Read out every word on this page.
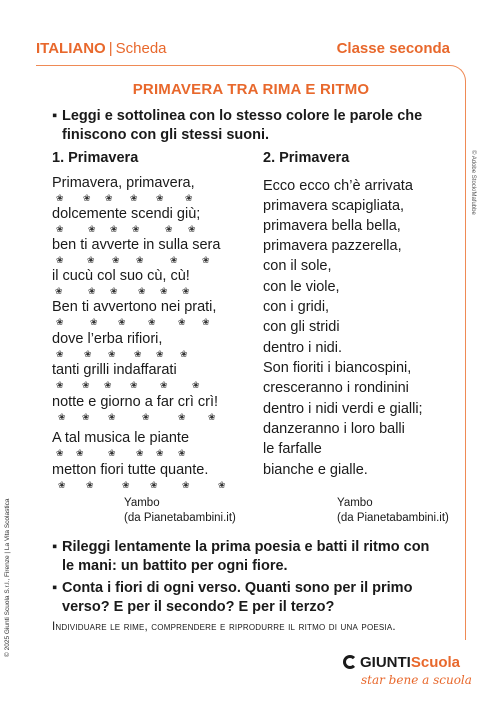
ITALIANO | Scheda	Classe seconda
PRIMAVERA TRA RIMA E RITMO
▪ Leggi e sottolinea con lo stesso colore le parole che finiscono con gli stessi suoni.
1. Primavera
Primavera, primavera,
❀ ❀ ❀ ❀ ❀ ❀
dolcemente scendi giù;
❀	❀ ❀ ❀	❀ ❀
ben ti avverte in sulla sera
❀	❀ ❀ ❀	❀	❀
il cucù col suo cù, cù!
❀	❀ ❀ ❀ ❀ ❀
Ben ti avvertono nei prati,
❀	❀ ❀ ❀ ❀ ❀
dove l’erba rifiori,
❀ ❀ ❀ ❀ ❀ ❀
tanti grilli indaffarati
❀ ❀ ❀ ❀ ❀	❀
notte e giorno a far crì crì!
❀ ❀ ❀	❀	❀ ❀
A tal musica le piante
❀ ❀	❀ ❀ ❀ ❀
metton fiori tutte quante.
❀ ❀	❀ ❀	❀	❀
Yambo
(da Pianetabambini.it)
2. Primavera
Ecco ecco ch’è arrivata
primavera scapigliata,
primavera bella bella,
primavera pazzerella,
con il sole,
con le viole,
con i gridi,
con gli stridi
dentro i nidi.
Son fioriti i biancospini,
cresceranno i rondinini
dentro i nidi verdi e gialli;
danzeranno i loro balli
le farfalle
bianche e gialle.
Yambo
(da Pianetabambini.it)
▪ Rileggi lentamente la prima poesia e batti il ritmo con le mani: un battito per ogni fiore.
▪ Conta i fiori di ogni verso. Quanti sono per il primo verso? E per il secondo? E per il terzo?
Individuare le rime, comprendere e riprodurre il ritmo di una poesia.
© 2025 Giunti Scuola S.r.l., Firenze | La Vita Scolastica
© Adobe Stock/Mafubbe
GIUNTIScuola
star bene a scuola
